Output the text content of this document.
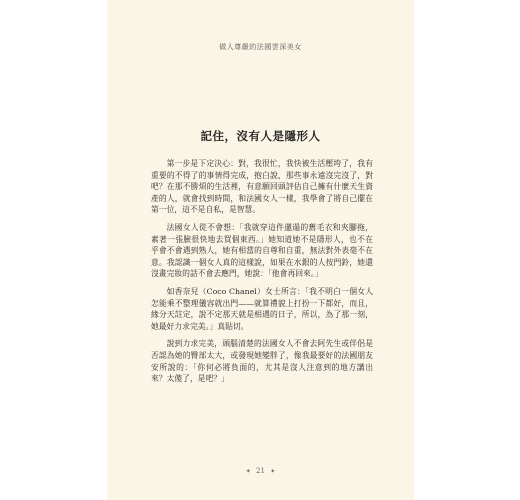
做人尊嚴的法國雲深美女
記住，沒有人是隱形人

第一步是下定決心：對，我很忙，我快被生活壓垮了，我有重要的不得了的事情得完成，抱白說，那些事永遠沒完沒了，對吧？在那不勝煩的生活裡，有意願回頭評估自己擁有什麼天生資產的人，就會找到時間，和法國女人一樣，我學會了將自己擺在第一位，這不是自私，是智慧。

法國女人從不會想：「我就穿這件邋遢的舊毛衣和夾腳拖，素著一張臉很快地去買個東西。」她知道她不是隱形人，也不在乎會不會遇到熟人，她有相當的自尊和自重，無法對外表毫不在意。我認識一個女人真的這樣說，如果在水銀的人按門鈴，她還沒畫完妝的話不會去應門，她說：「他會再回來。」

如香奈兒（Coco Chanel）女士所言：「我不明白一個女人怎能乘不整理儀容就出門——就算禮貌上打扮一下都好，而且，緣分天註定，說不定那天就是相遇的日子，所以，為了那一刻，她最好力求完美。」真貼切。

說到力求完美，頭腦清楚的法國女人不會去阿先生或伴侶是否認為她的臀部太大，或發現她變胖了，像我最要好的法國朋友安所說的：「你何必將負面的，尤其是沒人注意到的地方講出來？太傻了，是吧？」

✦ 21 ✦
